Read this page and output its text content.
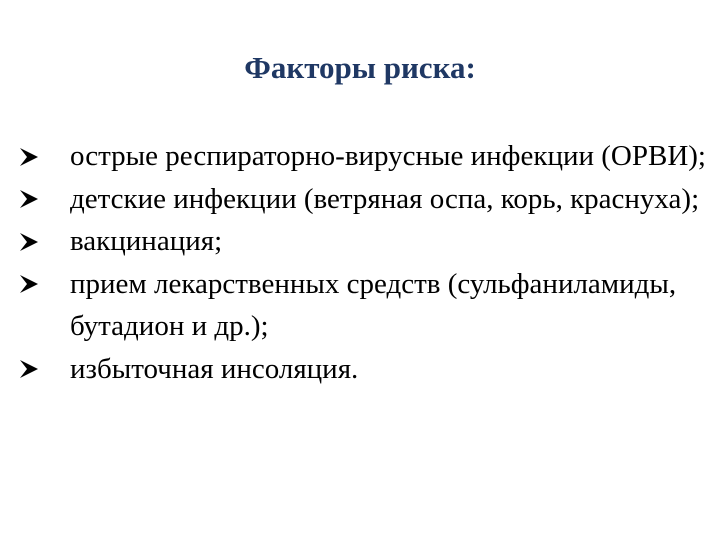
Факторы риска:
острые респираторно-вирусные инфекции (ОРВИ);
детские инфекции (ветряная оспа, корь, краснуха);
вакцинация;
прием лекарственных средств (сульфаниламиды, бутадион и др.);
избыточная инсоляция.
